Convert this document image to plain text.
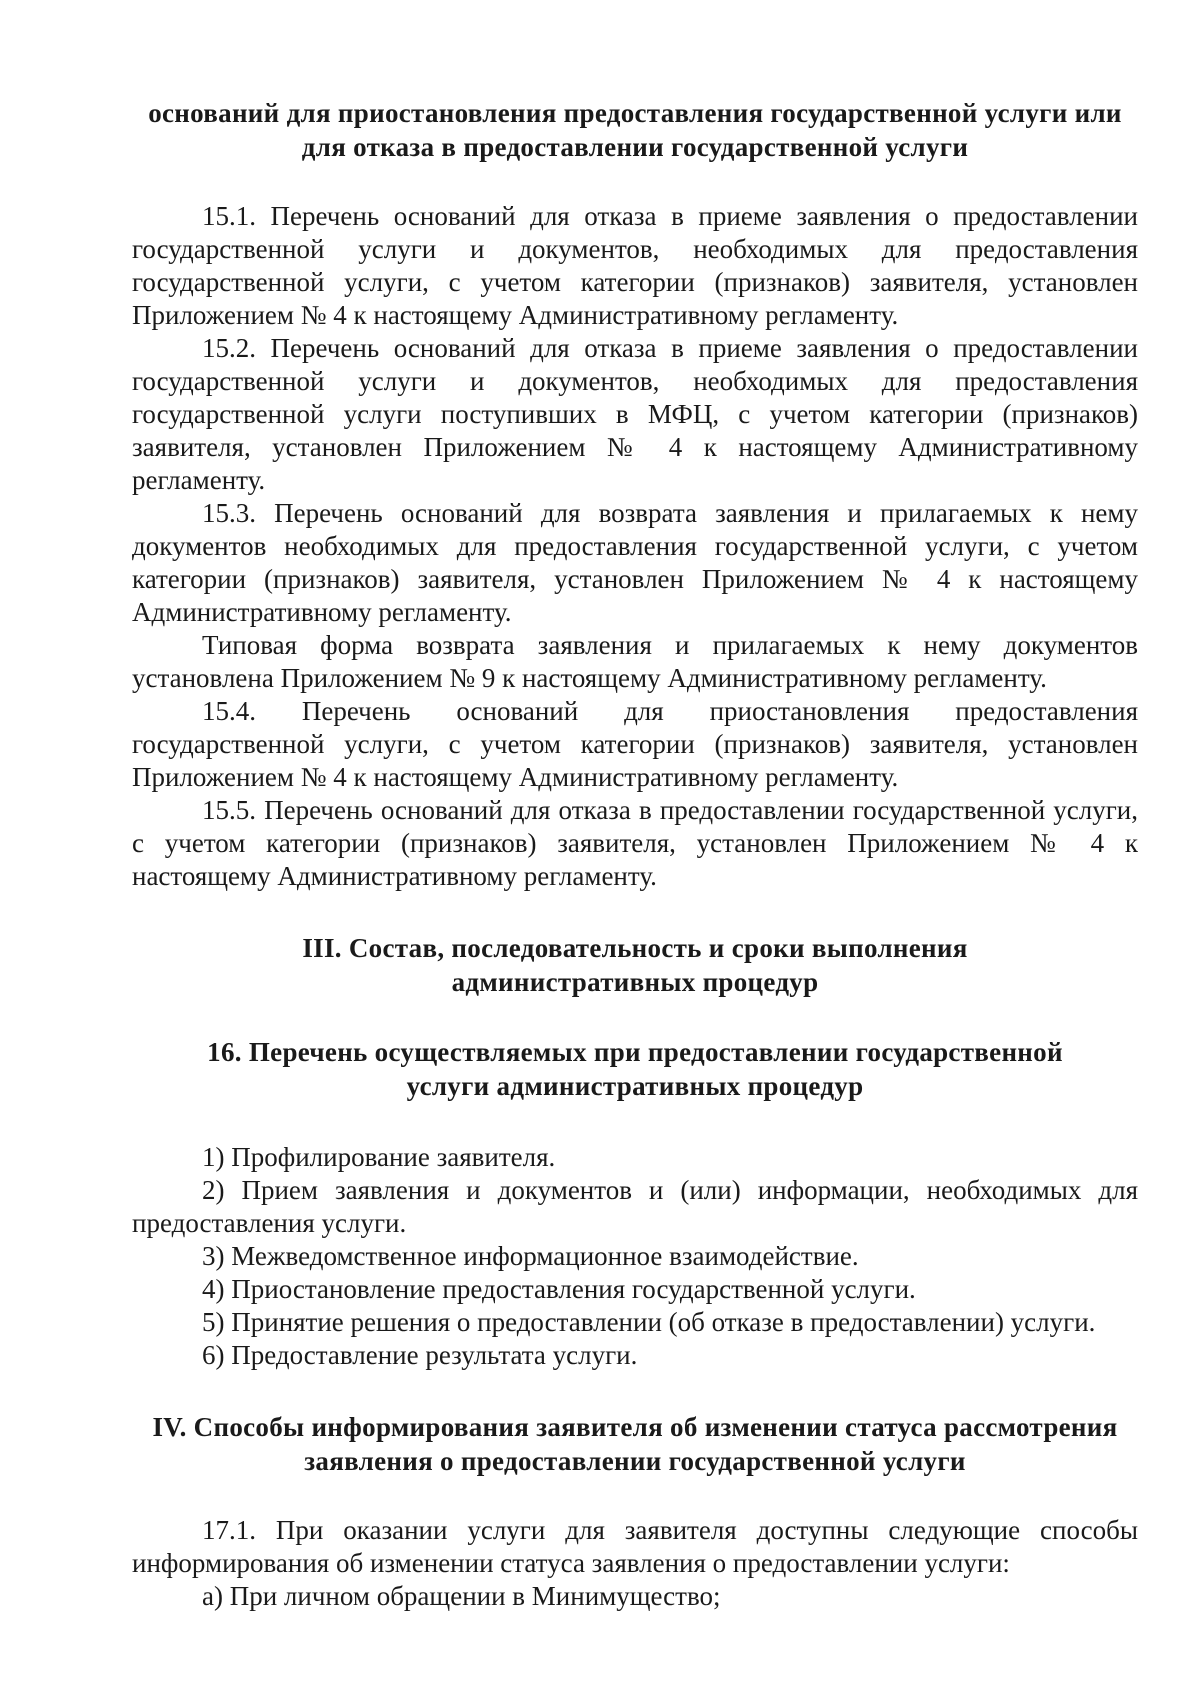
оснований для приостановления предоставления государственной услуги или
для отказа в предоставлении государственной услуги

15.1. Перечень оснований для отказа в приеме заявления о предоставлении государственной услуги и документов, необходимых для предоставления государственной услуги, с учетом категории (признаков) заявителя, установлен Приложением № 4 к настоящему Административному регламенту.

15.2. Перечень оснований для отказа в приеме заявления о предоставлении государственной услуги и документов, необходимых для предоставления государственной услуги поступивших в МФЦ, с учетом категории (признаков) заявителя, установлен Приложением № 4 к настоящему Административному регламенту.

15.3. Перечень оснований для возврата заявления и прилагаемых к нему документов необходимых для предоставления государственной услуги, с учетом категории (признаков) заявителя, установлен Приложением № 4 к настоящему Административному регламенту.

Типовая форма возврата заявления и прилагаемых к нему документов установлена Приложением № 9 к настоящему Административному регламенту.

15.4. Перечень оснований для приостановления предоставления государственной услуги, с учетом категории (признаков) заявителя, установлен Приложением № 4 к настоящему Административному регламенту.

15.5. Перечень оснований для отказа в предоставлении государственной услуги, с учетом категории (признаков) заявителя, установлен Приложением № 4 к настоящему Административному регламенту.

III. Состав, последовательность и сроки выполнения
административных процедур
16. Перечень осуществляемых при предоставлении государственной
услуги административных процедур

1) Профилирование заявителя.

2) Прием заявления и документов и (или) информации, необходимых для предоставления услуги.

3) Межведомственное информационное взаимодействие.

4) Приостановление предоставления государственной услуги.

5) Принятие решения о предоставлении (об отказе в предоставлении) услуги.

6) Предоставление результата услуги.

IV. Способы информирования заявителя об изменении статуса рассмотрения
заявления о предоставлении государственной услуги

17.1. При оказании услуги для заявителя доступны следующие способы информирования об изменении статуса заявления о предоставлении услуги:

а) При личном обращении в Минимущество;
